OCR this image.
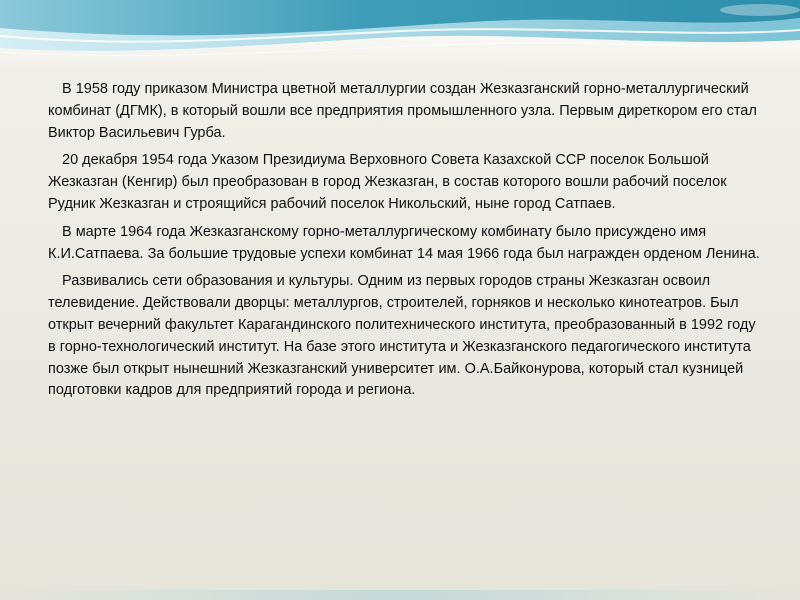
В 1958 году приказом Министра цветной металлургии создан Жезказганский горно-металлургический комбинат (ДГМК), в который вошли все предприятия промышленного узла. Первым диреткором его стал Виктор Васильевич Гурба.

20 декабря 1954 года Указом Президиума Верховного Совета Казахской ССР поселок Большой Жезказган (Кенгир) был преобразован в город Жезказган, в состав которого вошли рабочий поселок Рудник Жезказган и строящийся рабочий поселок Никольский, ныне город Сатпаев.

В марте 1964 года Жезказганскому горно-металлургическому комбинату было присуждено имя К.И.Сатпаева. За большие трудовые успехи комбинат 14 мая 1966 года был награжден орденом Ленина.

Развивались сети образования и культуры. Одним из первых городов страны Жезказган освоил телевидение. Действовали дворцы: металлургов, строителей, горняков и несколько кинотеатров. Был открыт вечерний факультет Карагандинского политехнического института, преобразованный в 1992 году в горно-технологический институт. На базе этого института и Жезказганского педагогического института позже был открыт нынешний Жезказганский университет им. О.А.Байконурова, который стал кузницей подготовки кадров для предприятий города и региона.
